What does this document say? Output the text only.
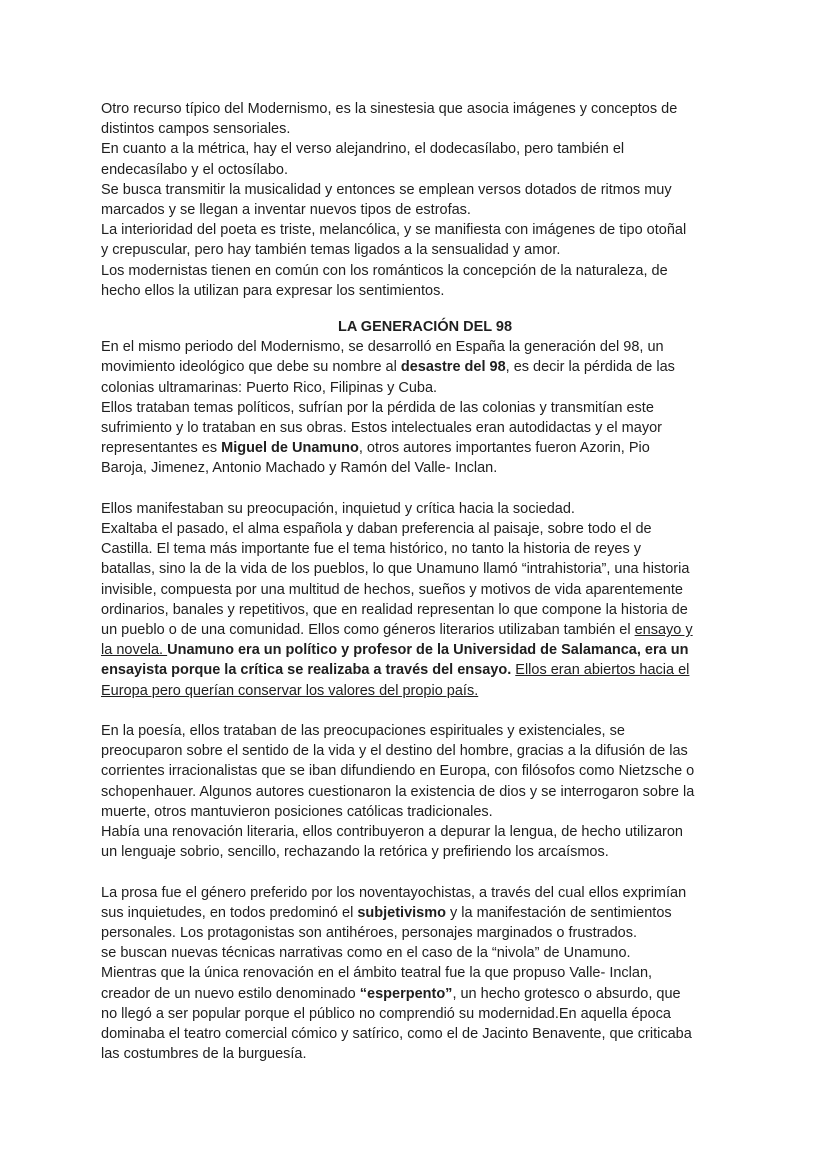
Otro recurso típico del Modernismo, es la sinestesia que asocia imágenes y conceptos de
distintos campos sensoriales.
En cuanto a la métrica, hay el verso alejandrino, el dodecasílabo, pero también el
endecasílabo y el octosílabo.
Se busca transmitir la musicalidad y entonces se emplean versos dotados de ritmos muy
marcados y se llegan a inventar nuevos tipos de estrofas.
La interioridad del poeta es triste, melancólica, y se manifiesta con imágenes de tipo otoñal
y crepuscular, pero hay también temas ligados a la sensualidad y amor.
Los modernistas tienen en común con los románticos la concepción de la naturaleza, de
hecho ellos la utilizan para expresar los sentimientos.
LA GENERACIÓN DEL 98
En el mismo periodo del Modernismo, se desarrolló en España la generación del 98, un
movimiento ideológico que debe su nombre al desastre del 98, es decir la pérdida de las
colonias ultramarinas: Puerto Rico, Filipinas y Cuba.
Ellos trataban temas políticos, sufrían por la pérdida de las colonias y transmitían este
sufrimiento y lo trataban en sus obras. Estos intelectuales eran autodidactas y el mayor
representantes es Miguel de Unamuno, otros autores importantes fueron Azorin, Pio
Baroja, Jimenez, Antonio Machado y Ramón del Valle- Inclan.
Ellos manifestaban su preocupación, inquietud y crítica hacia la sociedad.
Exaltaba el pasado, el alma española y daban preferencia al paisaje, sobre todo el de
Castilla. El tema más importante fue el tema histórico, no tanto la historia de reyes y
batallas, sino la de la vida de los pueblos, lo que Unamuno llamó “intrahistoria”, una historia
invisible, compuesta por una multitud de hechos, sueños y motivos de vida aparentemente
ordinarios, banales y repetitivos, que en realidad representan lo que compone la historia de
un pueblo o de una comunidad. Ellos como géneros literarios utilizaban también el ensayo y
la novela. Unamuno era un político y profesor de la Universidad de Salamanca, era un
ensayista porque la crítica se realizaba a través del ensayo. Ellos eran abiertos hacia el
Europa pero querían conservar los valores del propio país.
En la poesía, ellos trataban de las preocupaciones espirituales y existenciales, se
preocuparon sobre el sentido de la vida y el destino del hombre, gracias a la difusión de las
corrientes irracionalistas que se iban difundiendo en Europa, con filósofos como Nietzsche o
schopenhauer. Algunos autores cuestionaron la existencia de dios y se interrogaron sobre la
muerte, otros mantuvieron posiciones católicas tradicionales.
Había una renovación literaria, ellos contribuyeron a depurar la lengua, de hecho utilizaron
un lenguaje sobrio, sencillo, rechazando la retórica y prefiriendo los arcaísmos.
La prosa fue el género preferido por los noventayochistas, a través del cual ellos exprimían
sus inquietudes, en todos predominó el subjetivismo y la manifestación de sentimientos
personales. Los protagonistas son antihéroes, personajes marginados o frustrados.
se buscan nuevas técnicas narrativas como en el caso de la “nivola” de Unamuno.
Mientras que la única renovación en el ámbito teatral fue la que propuso Valle- Inclan,
creador de un nuevo estilo denominado “esperpento”, un hecho grotesco o absurdo, que
no llegó a ser popular porque el público no comprendió su modernidad.En aquella época
dominaba el teatro comercial cómico y satírico, como el de Jacinto Benavente, que criticaba
las costumbres de la burguesía.
